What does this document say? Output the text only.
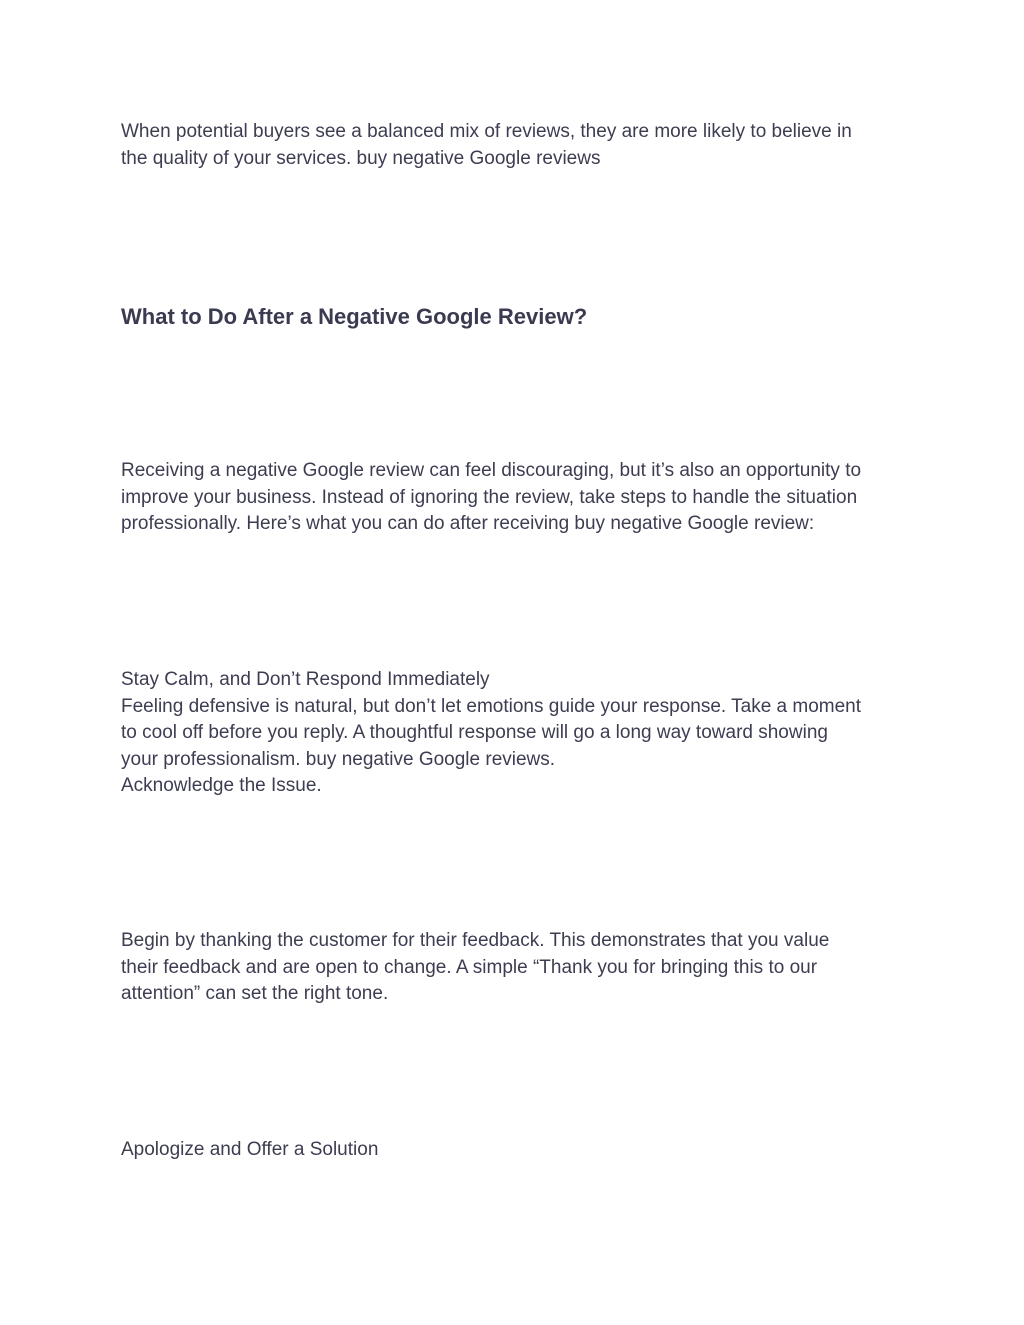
When potential buyers see a balanced mix of reviews, they are more likely to believe in
the quality of your services. buy negative Google reviews

What to Do After a Negative Google Review?

Receiving a negative Google review can feel discouraging, but it’s also an opportunity to
improve your business. Instead of ignoring the review, take steps to handle the situation
professionally. Here’s what you can do after receiving buy negative Google review:

Stay Calm, and Don’t Respond Immediately
Feeling defensive is natural, but don’t let emotions guide your response. Take a moment
to cool off before you reply. A thoughtful response will go a long way toward showing
your professionalism. buy negative Google reviews.
Acknowledge the Issue.

Begin by thanking the customer for their feedback. This demonstrates that you value
their feedback and are open to change. A simple “Thank you for bringing this to our
attention” can set the right tone.

Apologize and Offer a Solution
